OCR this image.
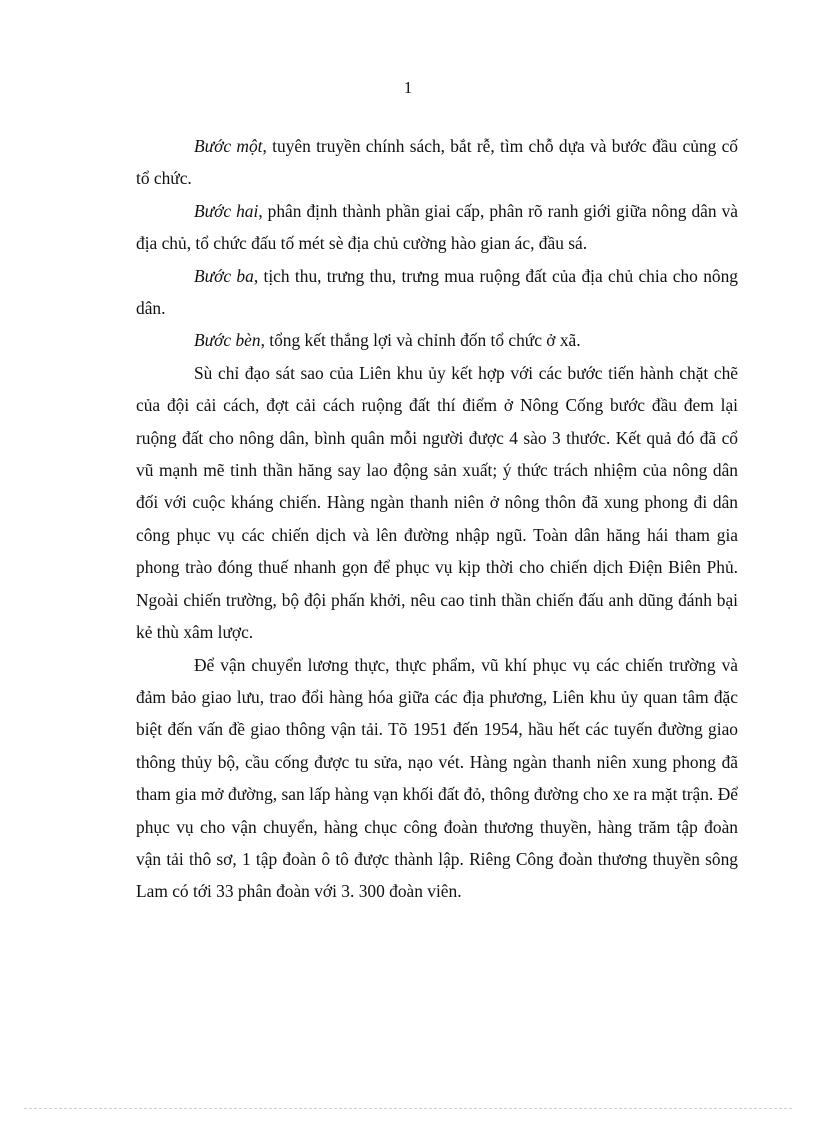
1

Bước một, tuyên truyền chính sách, bắt rễ, tìm chỗ dựa và bước đầu củng cố tổ chức.

Bước hai, phân định thành phần giai cấp, phân rõ ranh giới giữa nông dân và địa chủ, tổ chức đấu tố mét sè địa chủ cường hào gian ác, đầu sá.

Bước ba, tịch thu, trưng thu, trưng mua ruộng đất của địa chủ chia cho nông dân.

Bước bèn, tổng kết thắng lợi và chỉnh đốn tổ chức ở xã.

Sù chỉ đạo sát sao của Liên khu ủy kết hợp với các bước tiến hành chặt chẽ của đội cải cách, đợt cải cách ruộng đất thí điểm ở Nông Cống bước đầu đem lại ruộng đất cho nông dân, bình quân mỗi người được 4 sào 3 thước. Kết quả đó đã cổ vũ mạnh mẽ tinh thần hăng say lao động sản xuất; ý thức trách nhiệm của nông dân đối với cuộc kháng chiến. Hàng ngàn thanh niên ở nông thôn đã xung phong đi dân công phục vụ các chiến dịch và lên đường nhập ngũ. Toàn dân hăng hái tham gia phong trào đóng thuế nhanh gọn để phục vụ kịp thời cho chiến dịch Điện Biên Phủ. Ngoài chiến trường, bộ đội phấn khởi, nêu cao tinh thần chiến đấu anh dũng đánh bại kẻ thù xâm lược.

Để vận chuyển lương thực, thực phẩm, vũ khí phục vụ các chiến trường và đảm bảo giao lưu, trao đổi hàng hóa giữa các địa phương, Liên khu ủy quan tâm đặc biệt đến vấn đề giao thông vận tải. Tõ 1951 đến 1954, hầu hết các tuyến đường giao thông thủy bộ, cầu cống được tu sửa, nạo vét. Hàng ngàn thanh niên xung phong đã tham gia mở đường, san lấp hàng vạn khối đất đỏ, thông đường cho xe ra mặt trận. Để phục vụ cho vận chuyển, hàng chục công đoàn thương thuyền, hàng trăm tập đoàn vận tải thô sơ, 1 tập đoàn ô tô được thành lập. Riêng Công đoàn thương thuyền sông Lam có tới 33 phân đoàn với 3. 300 đoàn viên.
